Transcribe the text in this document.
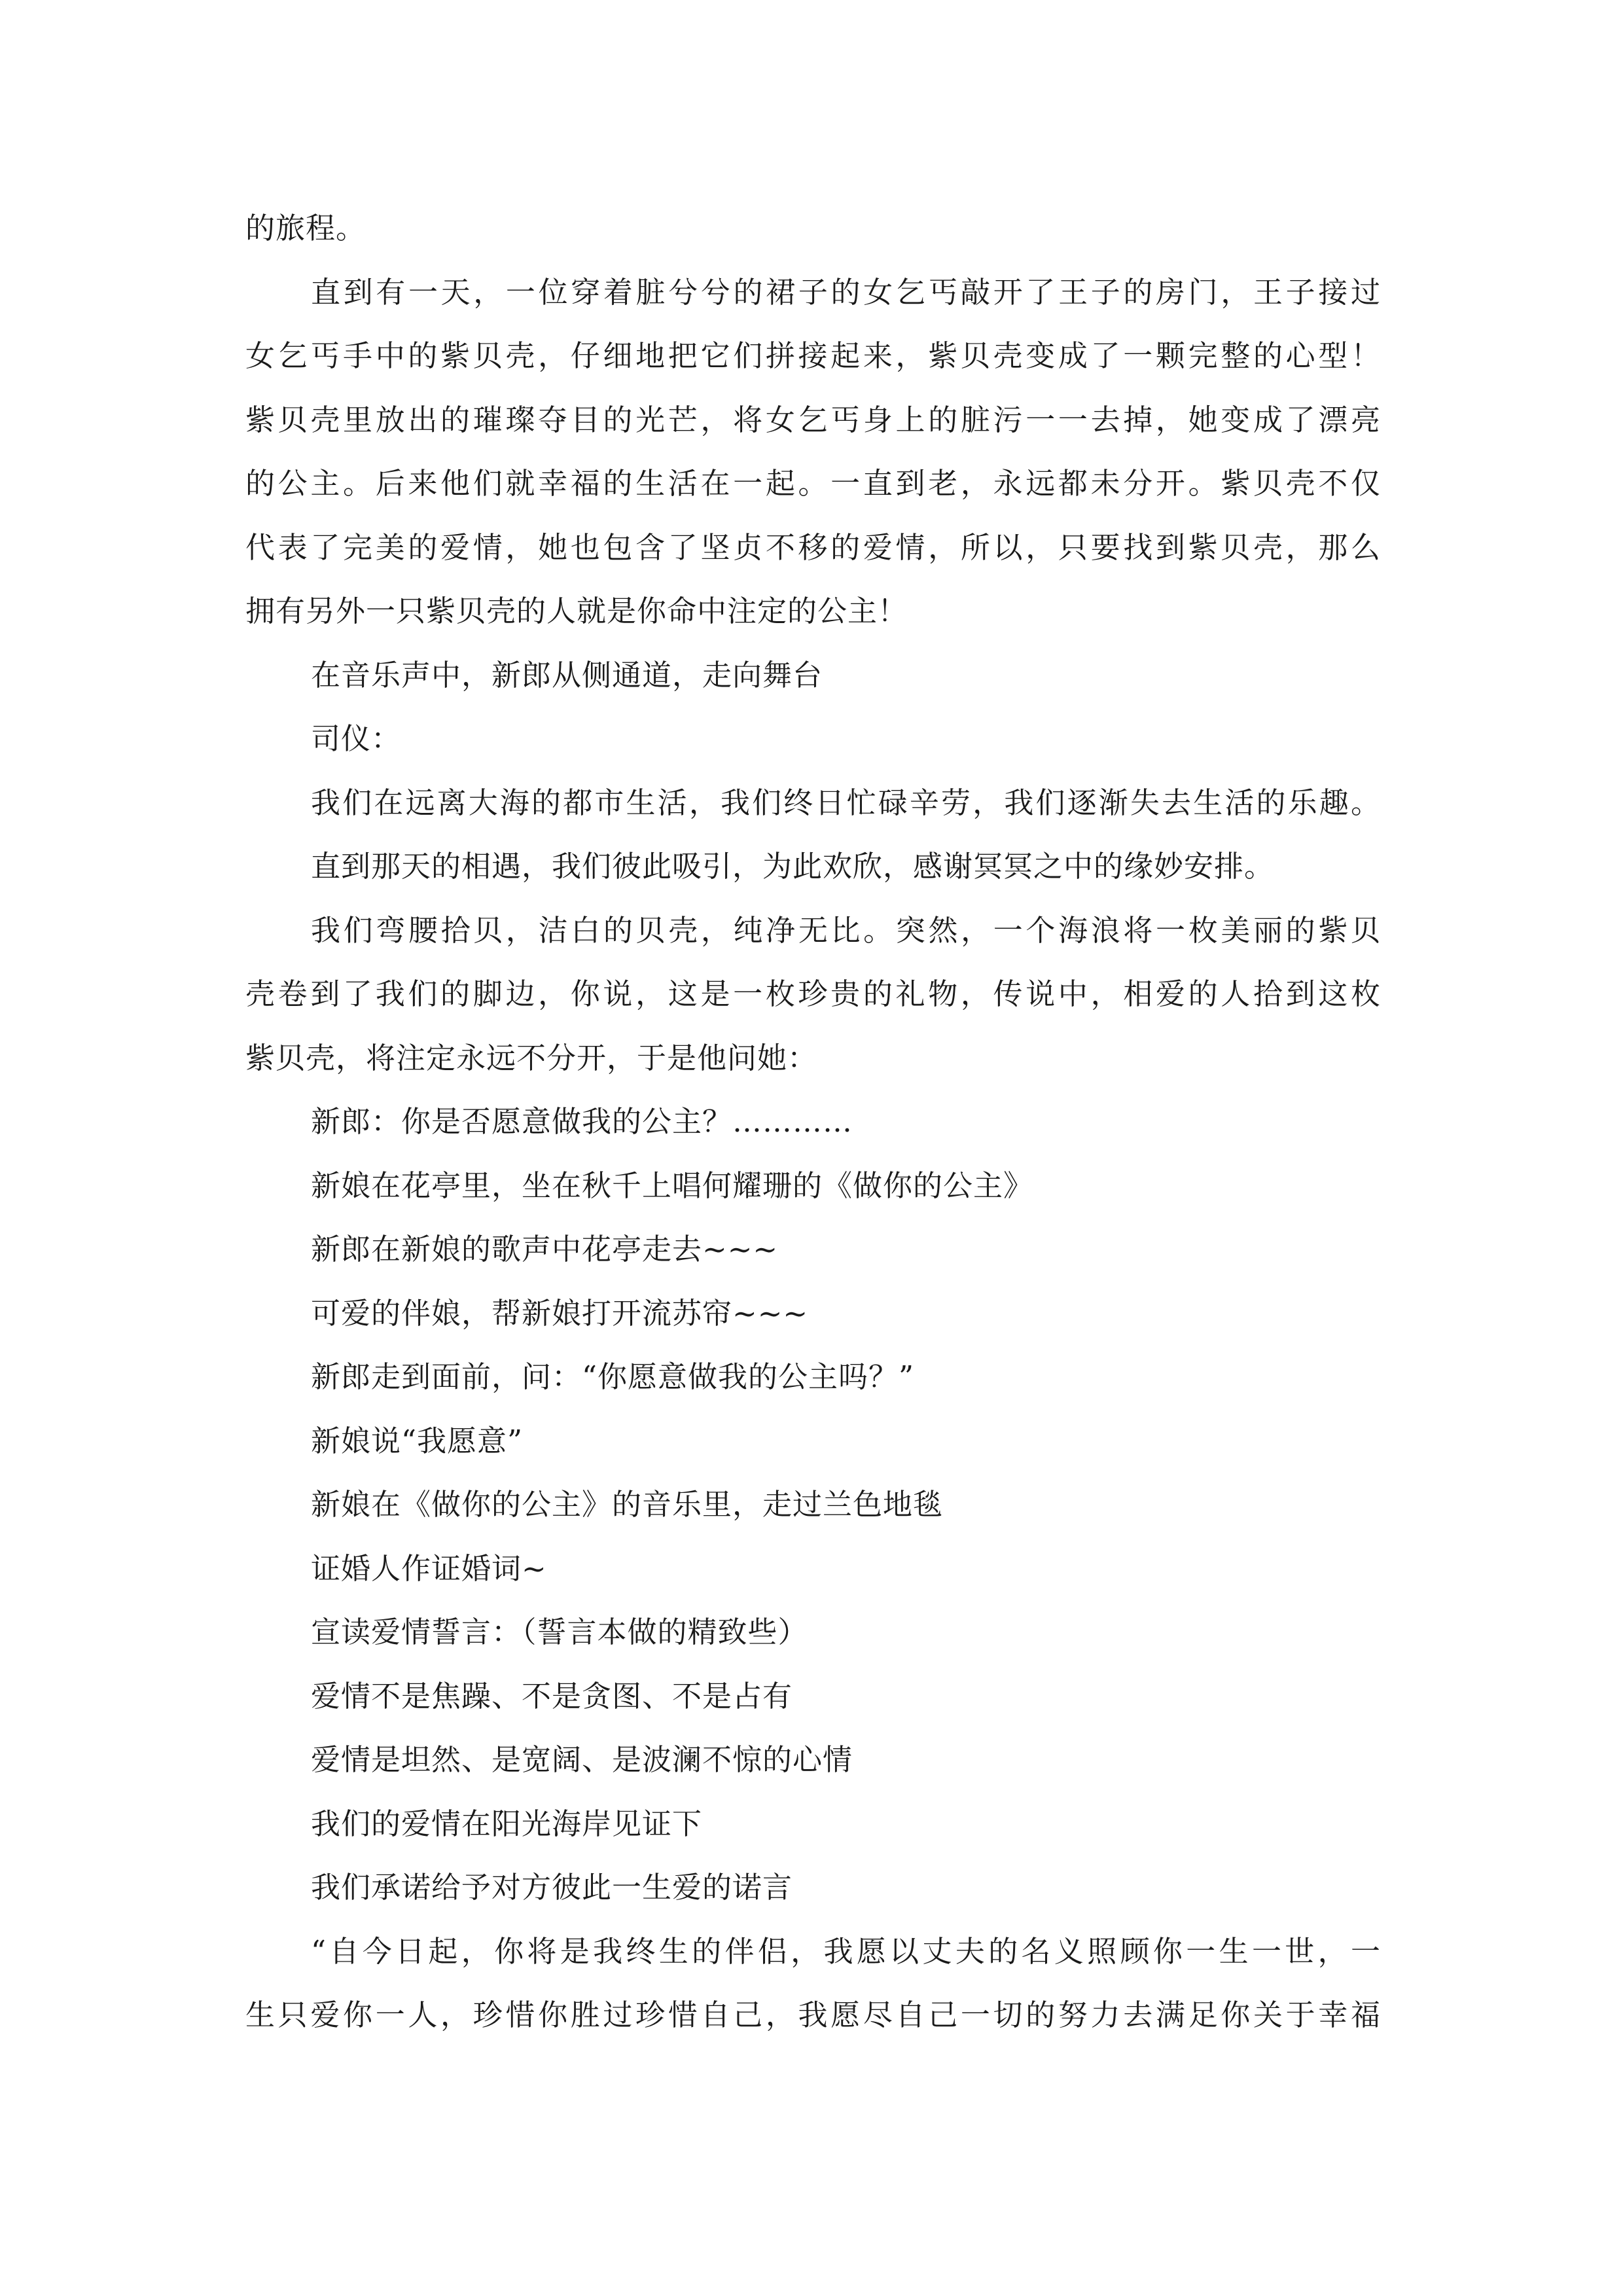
的旅程。
直到有一天，一位穿着脏兮兮的裙子的女乞丐敲开了王子的房门，王子接过
女乞丐手中的紫贝壳，仔细地把它们拼接起来，紫贝壳变成了一颗完整的心型！
紫贝壳里放出的璀璨夺目的光芒，将女乞丐身上的脏污一一去掉，她变成了漂亮
的公主。后来他们就幸福的生活在一起。一直到老，永远都未分开。紫贝壳不仅
代表了完美的爱情，她也包含了坚贞不移的爱情，所以，只要找到紫贝壳，那么
拥有另外一只紫贝壳的人就是你命中注定的公主！
在音乐声中，新郎从侧通道，走向舞台
司仪：
我们在远离大海的都市生活，我们终日忙碌辛劳，我们逐渐失去生活的乐趣。
直到那天的相遇，我们彼此吸引，为此欢欣，感谢冥冥之中的缘妙安排。
我们弯腰拾贝，洁白的贝壳，纯净无比。突然，一个海浪将一枚美丽的紫贝
壳卷到了我们的脚边，你说，这是一枚珍贵的礼物，传说中，相爱的人拾到这枚
紫贝壳，将注定永远不分开，于是他问她：
新郎：你是否愿意做我的公主？…………
新娘在花亭里，坐在秋千上唱何耀珊的《做你的公主》
新郎在新娘的歌声中花亭走去~~~
可爱的伴娘，帮新娘打开流苏帘~~~
新郎走到面前，问：“你愿意做我的公主吗？”
新娘说“我愿意”
新娘在《做你的公主》的音乐里，走过兰色地毯
证婚人作证婚词~
宣读爱情誓言：（誓言本做的精致些）
爱情不是焦躁、不是贪图、不是占有
爱情是坦然、是宽阔、是波澜不惊的心情
我们的爱情在阳光海岸见证下
我们承诺给予对方彼此一生爱的诺言
“自今日起，你将是我终生的伴侣，我愿以丈夫的名义照顾你一生一世，一
生只爱你一人，珍惜你胜过珍惜自己，我愿尽自己一切的努力去满足你关于幸福
